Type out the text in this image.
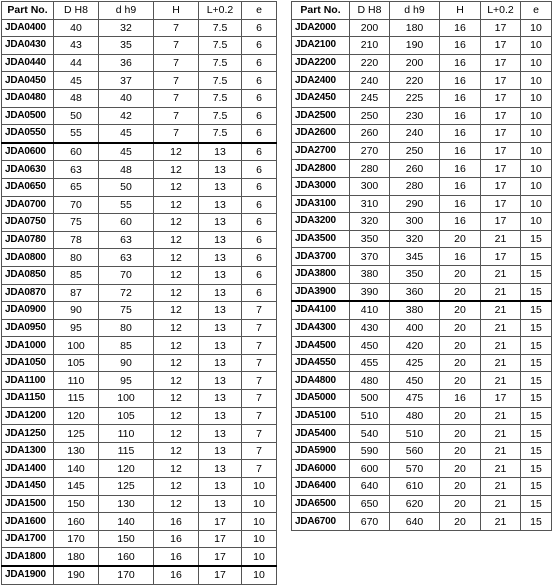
Part No.	D H8	d h9	H	L+0.2	e
JDA0400	40	32	7	7.5	6
JDA0430	43	35	7	7.5	6
JDA0440	44	36	7	7.5	6
JDA0450	45	37	7	7.5	6
JDA0480	48	40	7	7.5	6
JDA0500	50	42	7	7.5	6
JDA0550	55	45	7	7.5	6
JDA0600	60	45	12	13	6
JDA0630	63	48	12	13	6
JDA0650	65	50	12	13	6
JDA0700	70	55	12	13	6
JDA0750	75	60	12	13	6
JDA0780	78	63	12	13	6
JDA0800	80	63	12	13	6
JDA0850	85	70	12	13	6
JDA0870	87	72	12	13	6
JDA0900	90	75	12	13	7
JDA0950	95	80	12	13	7
JDA1000	100	85	12	13	7
JDA1050	105	90	12	13	7
JDA1100	110	95	12	13	7
JDA1150	115	100	12	13	7
JDA1200	120	105	12	13	7
JDA1250	125	110	12	13	7
JDA1300	130	115	12	13	7
JDA1400	140	120	12	13	7
JDA1450	145	125	12	13	10
JDA1500	150	130	12	13	10
JDA1600	160	140	16	17	10
JDA1700	170	150	16	17	10
JDA1800	180	160	16	17	10
JDA1900	190	170	16	17	10
Part No.	D H8	d h9	H	L+0.2	e
JDA2000	200	180	16	17	10
JDA2100	210	190	16	17	10
JDA2200	220	200	16	17	10
JDA2400	240	220	16	17	10
JDA2450	245	225	16	17	10
JDA2500	250	230	16	17	10
JDA2600	260	240	16	17	10
JDA2700	270	250	16	17	10
JDA2800	280	260	16	17	10
JDA3000	300	280	16	17	10
JDA3100	310	290	16	17	10
JDA3200	320	300	16	17	10
JDA3500	350	320	20	21	15
JDA3700	370	345	16	17	15
JDA3800	380	350	20	21	15
JDA3900	390	360	20	21	15
JDA4100	410	380	20	21	15
JDA4300	430	400	20	21	15
JDA4500	450	420	20	21	15
JDA4550	455	425	20	21	15
JDA4800	480	450	20	21	15
JDA5000	500	475	16	17	15
JDA5100	510	480	20	21	15
JDA5400	540	510	20	21	15
JDA5900	590	560	20	21	15
JDA6000	600	570	20	21	15
JDA6400	640	610	20	21	15
JDA6500	650	620	20	21	15
JDA6700	670	640	20	21	15
